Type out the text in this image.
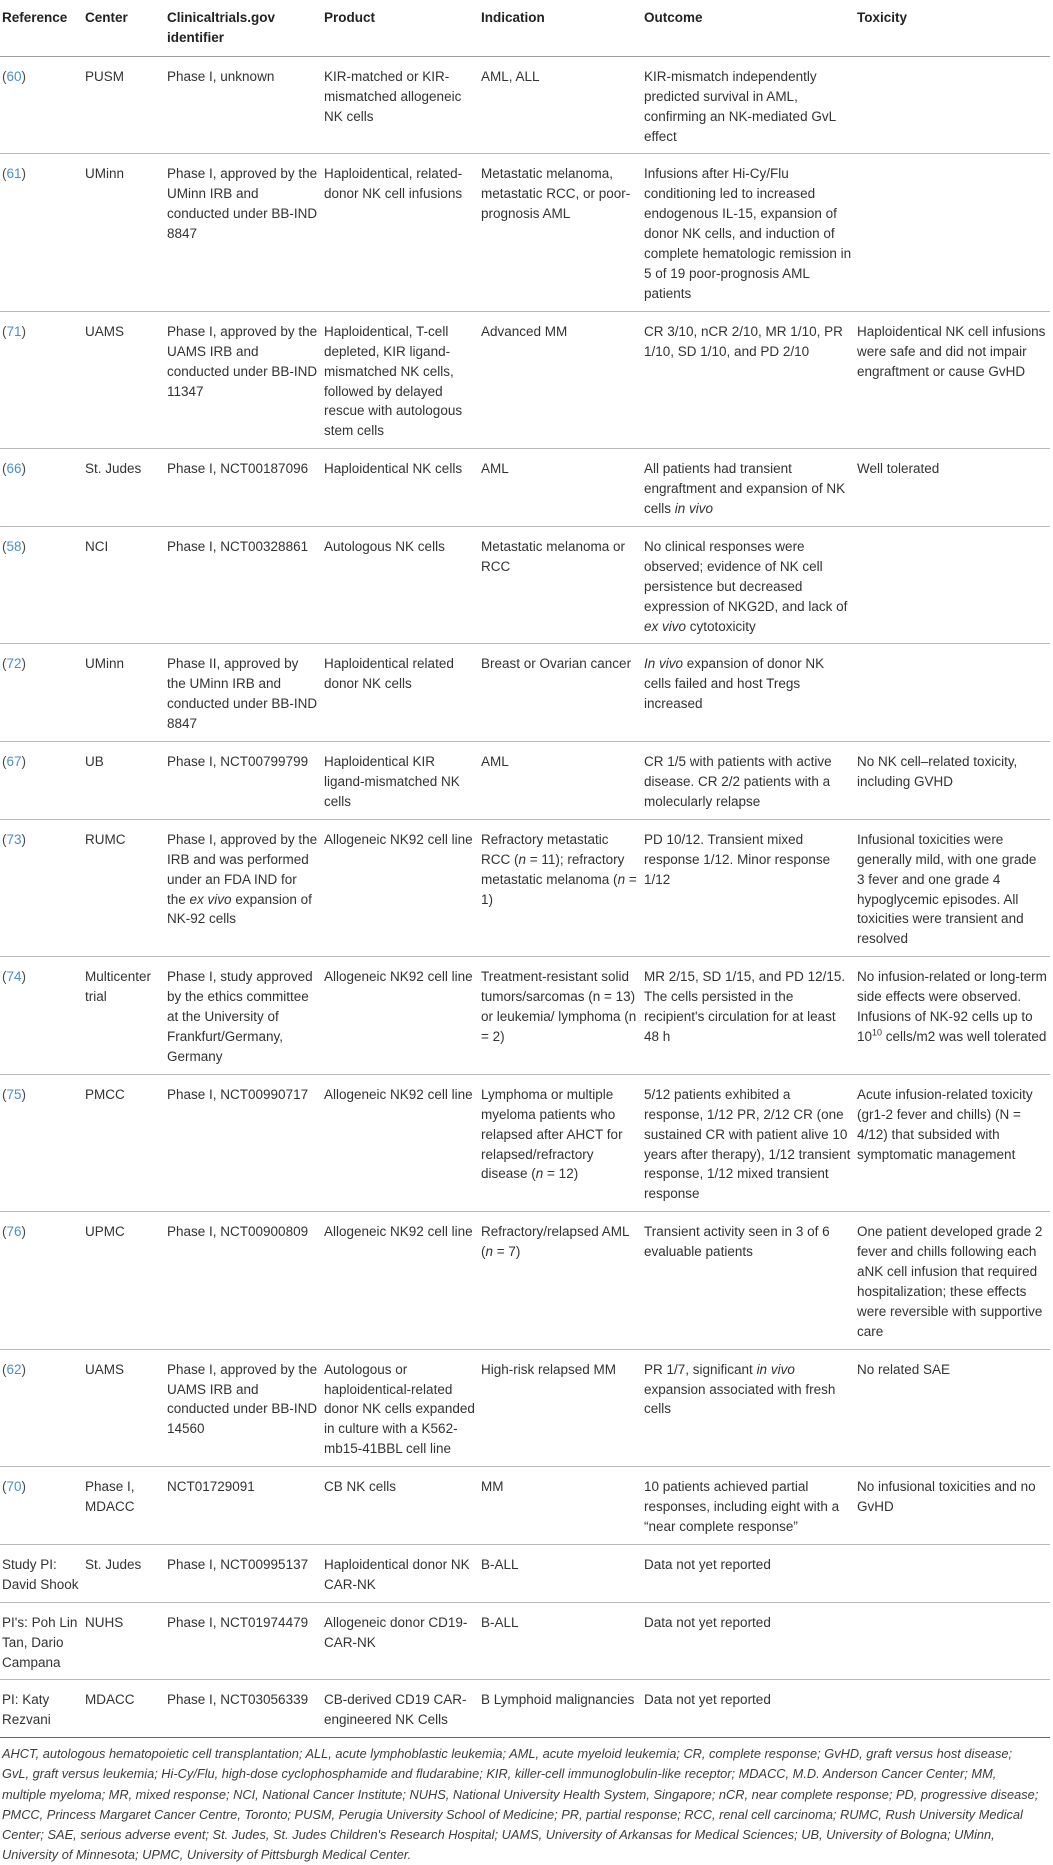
Reference	Center	Clinicaltrials.gov identifier	Product	Indication	Outcome	Toxicity
(60)	PUSM	Phase I, unknown	KIR-matched or KIR-mismatched allogeneic NK cells	AML, ALL	KIR-mismatch independently predicted survival in AML, confirming an NK-mediated GvL effect	
(61)	UMinn	Phase I, approved by the UMinn IRB and conducted under BB-IND 8847	Haploidentical, related-donor NK cell infusions	Metastatic melanoma, metastatic RCC, or poor-prognosis AML	Infusions after Hi-Cy/Flu conditioning led to increased endogenous IL-15, expansion of donor NK cells, and induction of complete hematologic remission in 5 of 19 poor-prognosis AML patients	
(71)	UAMS	Phase I, approved by the UAMS IRB and conducted under BB-IND 11347	Haploidentical, T-cell depleted, KIR ligand-mismatched NK cells, followed by delayed rescue with autologous stem cells	Advanced MM	CR 3/10, nCR 2/10, MR 1/10, PR 1/10, SD 1/10, and PD 2/10	Haploidentical NK cell infusions were safe and did not impair engraftment or cause GvHD
(66)	St. Judes	Phase I, NCT00187096	Haploidentical NK cells	AML	All patients had transient engraftment and expansion of NK cells in vivo	Well tolerated
(58)	NCI	Phase I, NCT00328861	Autologous NK cells	Metastatic melanoma or RCC	No clinical responses were observed; evidence of NK cell persistence but decreased expression of NKG2D, and lack of ex vivo cytotoxicity	
(72)	UMinn	Phase II, approved by the UMinn IRB and conducted under BB-IND 8847	Haploidentical related donor NK cells	Breast or Ovarian cancer	In vivo expansion of donor NK cells failed and host Tregs increased	
(67)	UB	Phase I, NCT00799799	Haploidentical KIR ligand-mismatched NK cells	AML	CR 1/5 with patients with active disease. CR 2/2 patients with a molecularly relapse	No NK cell–related toxicity, including GVHD
(73)	RUMC	Phase I, approved by the IRB and was performed under an FDA IND for the ex vivo expansion of NK-92 cells	Allogeneic NK92 cell line	Refractory metastatic RCC (n = 11); refractory metastatic melanoma (n = 1)	PD 10/12. Transient mixed response 1/12. Minor response 1/12	Infusional toxicities were generally mild, with one grade 3 fever and one grade 4 hypoglycemic episodes. All toxicities were transient and resolved
(74)	Multicenter trial	Phase I, study approved by the ethics committee at the University of Frankfurt/Germany, Germany	Allogeneic NK92 cell line	Treatment-resistant solid tumors/sarcomas (n = 13) or leukemia/ lymphoma (n = 2)	MR 2/15, SD 1/15, and PD 12/15. The cells persisted in the recipient's circulation for at least 48 h	No infusion-related or long-term side effects were observed. Infusions of NK-92 cells up to $10^{10}$ cells/m2 was well tolerated
(75)	PMCC	Phase I, NCT00990717	Allogeneic NK92 cell line	Lymphoma or multiple myeloma patients who relapsed after AHCT for relapsed/refractory disease (n = 12)	5/12 patients exhibited a response, 1/12 PR, 2/12 CR (one sustained CR with patient alive 10 years after therapy), 1/12 transient response, 1/12 mixed transient response	Acute infusion-related toxicity (gr1-2 fever and chills) (N = 4/12) that subsided with symptomatic management
(76)	UPMC	Phase I, NCT00900809	Allogeneic NK92 cell line	Refractory/relapsed AML (n = 7)	Transient activity seen in 3 of 6 evaluable patients	One patient developed grade 2 fever and chills following each aNK cell infusion that required hospitalization; these effects were reversible with supportive care
(62)	UAMS	Phase I, approved by the UAMS IRB and conducted under BB-IND 14560	Autologous or haploidentical-related donor NK cells expanded in culture with a K562-mb15-41BBL cell line	High-risk relapsed MM	PR 1/7, significant in vivo expansion associated with fresh cells	No related SAE
(70)	Phase I, MDACC	NCT01729091	CB NK cells	MM	10 patients achieved partial responses, including eight with a “near complete response”	No infusional toxicities and no GvHD
Study PI: David Shook	St. Judes	Phase I, NCT00995137	Haploidentical donor NK CAR-NK	B-ALL	Data not yet reported	
PI's: Poh Lin Tan, Dario Campana	NUHS	Phase I, NCT01974479	Allogeneic donor CD19-CAR-NK	B-ALL	Data not yet reported	
PI: Katy Rezvani	MDACC	Phase I, NCT03056339	CB-derived CD19 CAR-engineered NK Cells	B Lymphoid malignancies	Data not yet reported	
AHCT, autologous hematopoietic cell transplantation; ALL, acute lymphoblastic leukemia; AML, acute myeloid leukemia; CR, complete response; GvHD, graft versus host disease; GvL, graft versus leukemia; Hi-Cy/Flu, high-dose cyclophosphamide and fludarabine; KIR, killer-cell immunoglobulin-like receptor; MDACC, M.D. Anderson Cancer Center; MM, multiple myeloma; MR, mixed response; NCI, National Cancer Institute; NUHS, National University Health System, Singapore; nCR, near complete response; PD, progressive disease; PMCC, Princess Margaret Cancer Centre, Toronto; PUSM, Perugia University School of Medicine; PR, partial response; RCC, renal cell carcinoma; RUMC, Rush University Medical Center; SAE, serious adverse event; St. Judes, St. Judes Children's Research Hospital; UAMS, University of Arkansas for Medical Sciences; UB, University of Bologna; UMinn, University of Minnesota; UPMC, University of Pittsburgh Medical Center.
